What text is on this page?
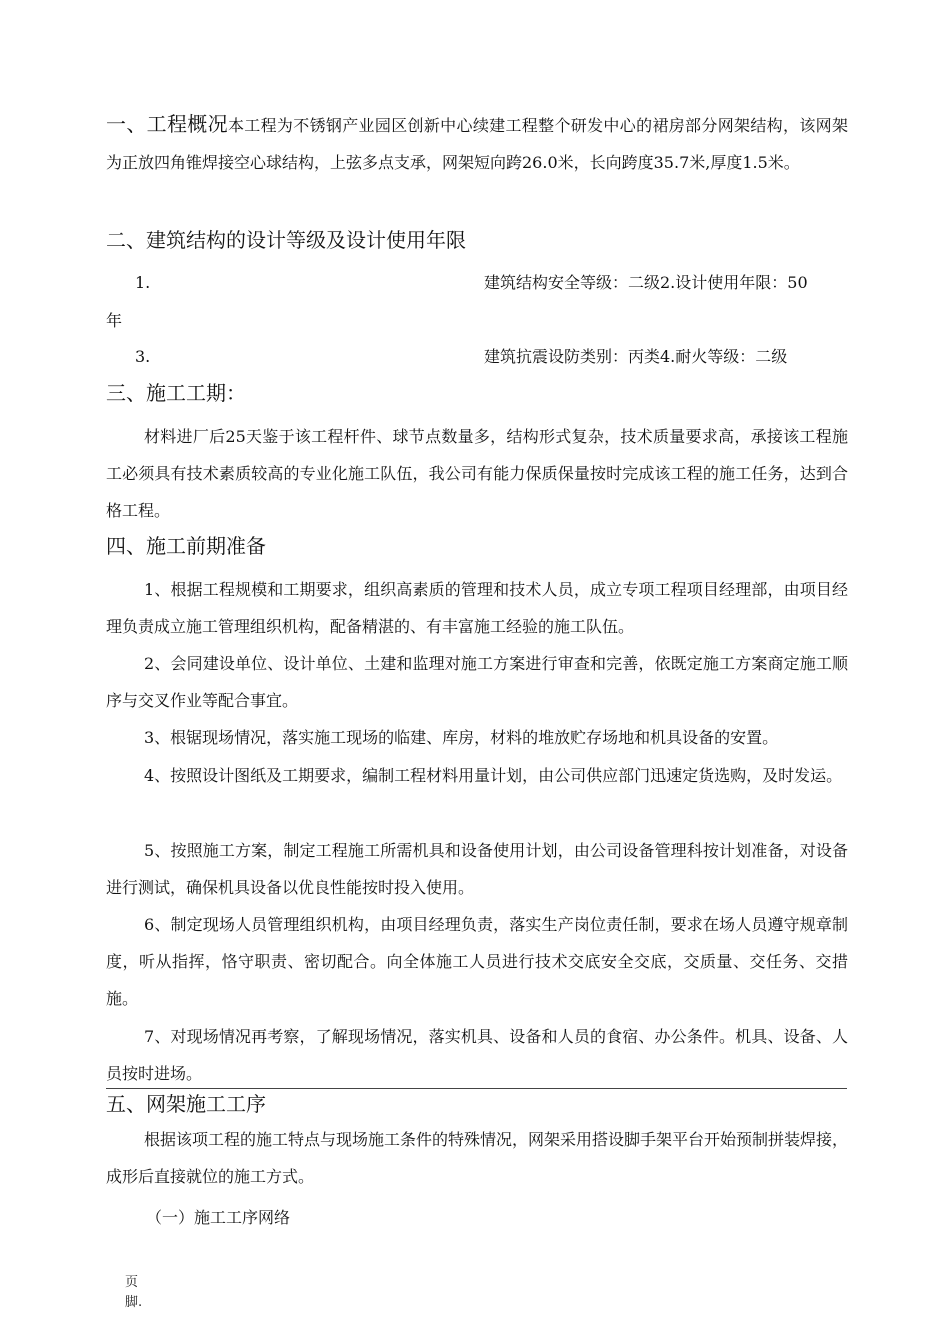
一、工程概况本工程为不锈钢产业园区创新中心续建工程整个研发中心的裙房部分网架结构，该网架为正放四角锥焊接空心球结构，上弦多点支承，网架短向跨26.0米，长向跨度35.7米,厚度1.5米。

二、建筑结构的设计等级及设计使用年限
1.	建筑结构安全等级：二级2.设计使用年限：50
年
3.	建筑抗震设防类别：丙类4.耐火等级：二级
三、施工工期：

材料进厂后25天鉴于该工程杆件、球节点数量多，结构形式复杂，技术质量要求高，承接该工程施工必须具有技术素质较高的专业化施工队伍，我公司有能力保质保量按时完成该工程的施工任务，达到合格工程。

四、施工前期准备

1、根据工程规模和工期要求，组织高素质的管理和技术人员，成立专项工程项目经理部，由项目经理负责成立施工管理组织机构，配备精湛的、有丰富施工经验的施工队伍。

2、会同建设单位、设计单位、土建和监理对施工方案进行审查和完善，依既定施工方案商定施工顺序与交叉作业等配合事宜。

3、根锯现场情况，落实施工现场的临建、库房，材料的堆放贮存场地和机具设备的安置。

4、按照设计图纸及工期要求，编制工程材料用量计划，由公司供应部门迅速定货选购，及时发运。

5、按照施工方案，制定工程施工所需机具和设备使用计划，由公司设备管理科按计划准备，对设备进行测试，确保机具设备以优良性能按时投入使用。

6、制定现场人员管理组织机构，由项目经理负责，落实生产岗位责任制，要求在场人员遵守规章制度，听从指挥，恪守职责、密切配合。向全体施工人员进行技术交底安全交底，交质量、交任务、交措施。

7、对现场情况再考察，了解现场情况，落实机具、设备和人员的食宿、办公条件。机具、设备、人员按时进场。

五、网架施工工序

根据该项工程的施工特点与现场施工条件的特殊情况，网架采用搭设脚手架平台开始预制拼装焊接，成形后直接就位的施工方式。

（一）施工工序网络
页脚.
